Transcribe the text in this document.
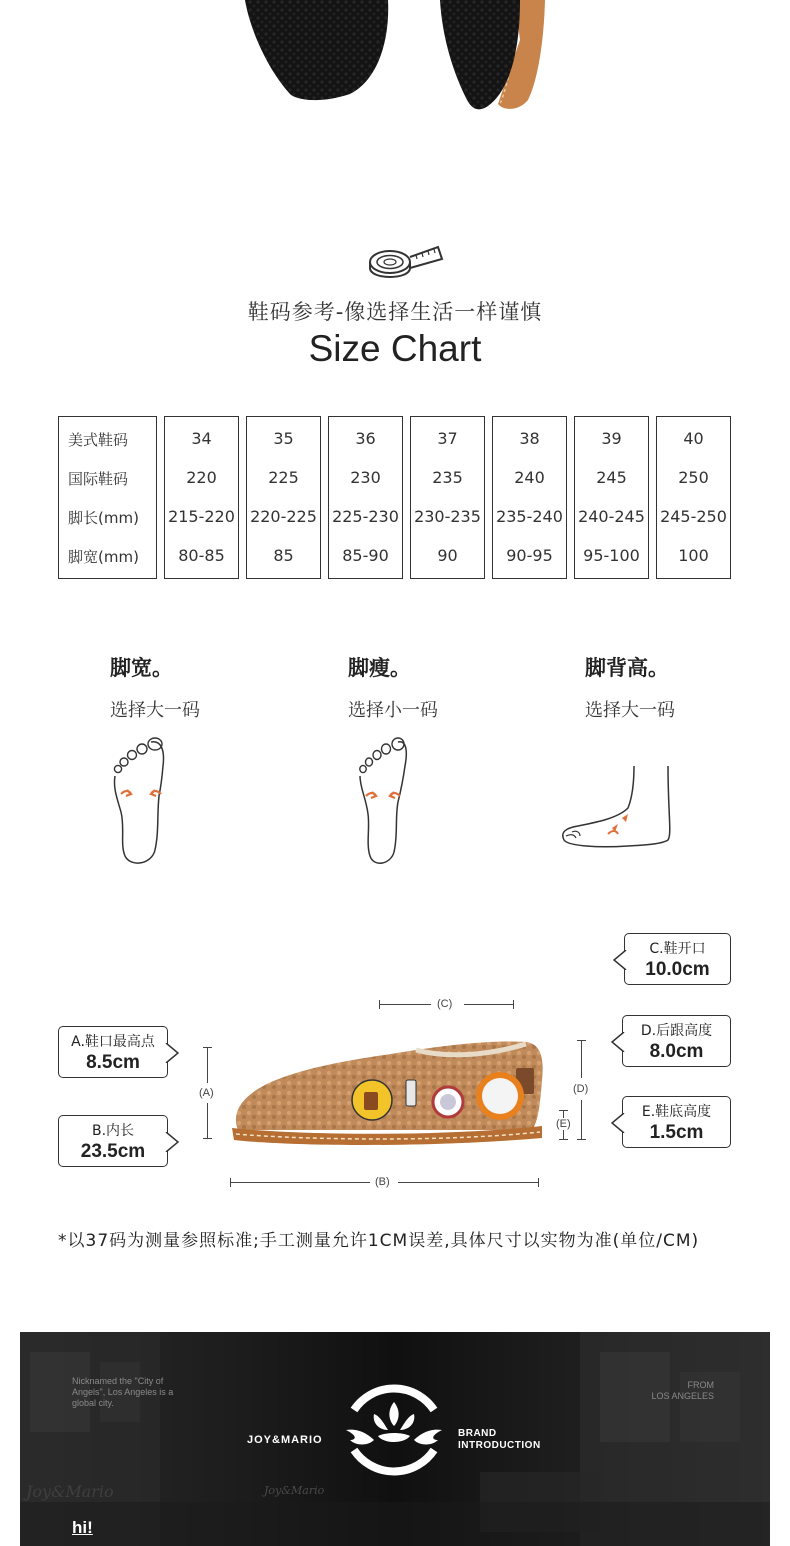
鞋码参考-像选择生活一样谨慎
Size Chart
美式鞋码
国际鞋码
脚长(mm)
脚宽(mm)
34
220
215-220
80-85
35
225
220-225
85
36
230
225-230
85-90
37
235
230-235
90
38
240
235-240
90-95
39
245
240-245
95-100
40
250
245-250
100
脚宽。
选择大一码
脚瘦。
选择小一码
脚背高。
选择大一码
(C)
(A)
(B)
(D)
(E)
C.鞋开口
10.0cm
A.鞋口最高点
8.5cm
D.后跟高度
8.0cm
B.内长
23.5cm
E.鞋底高度
1.5cm
*以37码为测量参照标准;手工测量允许1CM误差,具体尺寸以实物为准(单位/CM)
Nicknamed the "City of Angels", Los Angeles is a global city.
FROM
LOS ANGELES
JOY&MARIO
BRAND
INTRODUCTION
Joy&Mario	Joy&Mario
hi!
